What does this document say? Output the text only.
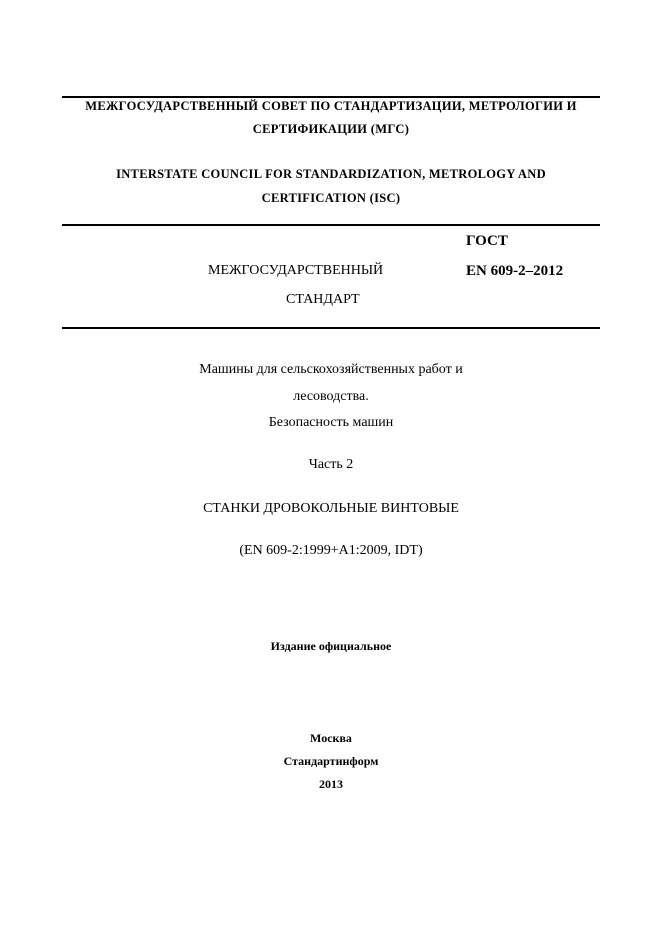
МЕЖГОСУДАРСТВЕННЫЙ СОВЕТ ПО СТАНДАРТИЗАЦИИ, МЕТРОЛОГИИ И
СЕРТИФИКАЦИИ (МГС)
INTERSTATE COUNCIL FOR STANDARDIZATION, METROLOGY AND
CERTIFICATION (ISC)
ГОСТ
МЕЖГОСУДАРСТВЕННЫЙ	EN 609-2–2012
СТАНДАРТ
Машины для сельскохозяйственных работ и
лесоводства.
Безопасность машин
Часть 2
СТАНКИ ДРОВОКОЛЬНЫЕ ВИНТОВЫЕ
(EN 609-2:1999+A1:2009, IDT)
Издание официальное
Москва
Стандартинформ
2013
